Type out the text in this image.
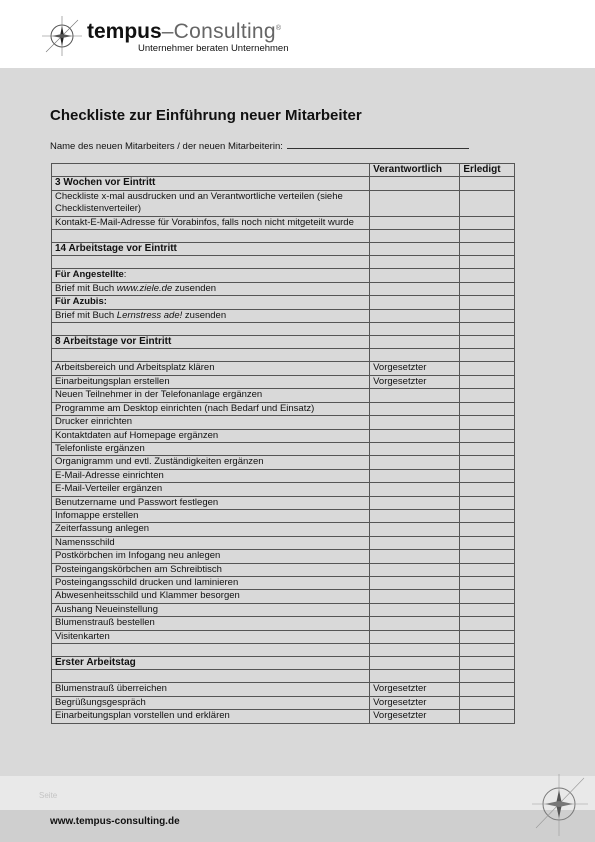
tempus–Consulting®
Unternehmer beraten Unternehmen
Checkliste zur Einführung neuer Mitarbeiter
Name des neuen Mitarbeiters / der neuen Mitarbeiterin:
	Verantwortlich	Erledigt
3 Wochen vor Eintritt		
Checkliste x-mal ausdrucken und an Verantwortliche verteilen (siehe Checklistenverteiler)		
Kontakt-E-Mail-Adresse für Vorabinfos, falls noch nicht mitgeteilt wurde		

14 Arbeitstage vor Eintritt		

Für Angestellte:		
Brief mit Buch www.ziele.de zusenden		
Für Azubis:		
Brief mit Buch Lernstress ade! zusenden		

8 Arbeitstage vor Eintritt		

Arbeitsbereich und Arbeitsplatz klären	Vorgesetzter	
Einarbeitungsplan erstellen	Vorgesetzter	
Neuen Teilnehmer in der Telefonanlage ergänzen		
Programme am Desktop einrichten (nach Bedarf und Einsatz)		
Drucker einrichten		
Kontaktdaten auf Homepage ergänzen		
Telefonliste ergänzen		
Organigramm und evtl. Zuständigkeiten ergänzen		
E-Mail-Adresse einrichten		
E-Mail-Verteiler ergänzen		
Benutzername und Passwort festlegen		
Infomappe erstellen		
Zeiterfassung anlegen		
Namensschild		
Postkörbchen im Infogang neu anlegen		
Posteingangskörbchen am Schreibtisch		
Posteingangsschild drucken und laminieren		
Abwesenheitsschild und Klammer besorgen		
Aushang Neueinstellung		
Blumenstrauß bestellen		
Visitenkarten		

Erster Arbeitstag		

Blumenstrauß überreichen	Vorgesetzter	
Begrüßungsgespräch	Vorgesetzter	
Einarbeitungsplan vorstellen und erklären	Vorgesetzter	
Seite
www.tempus-consulting.de
